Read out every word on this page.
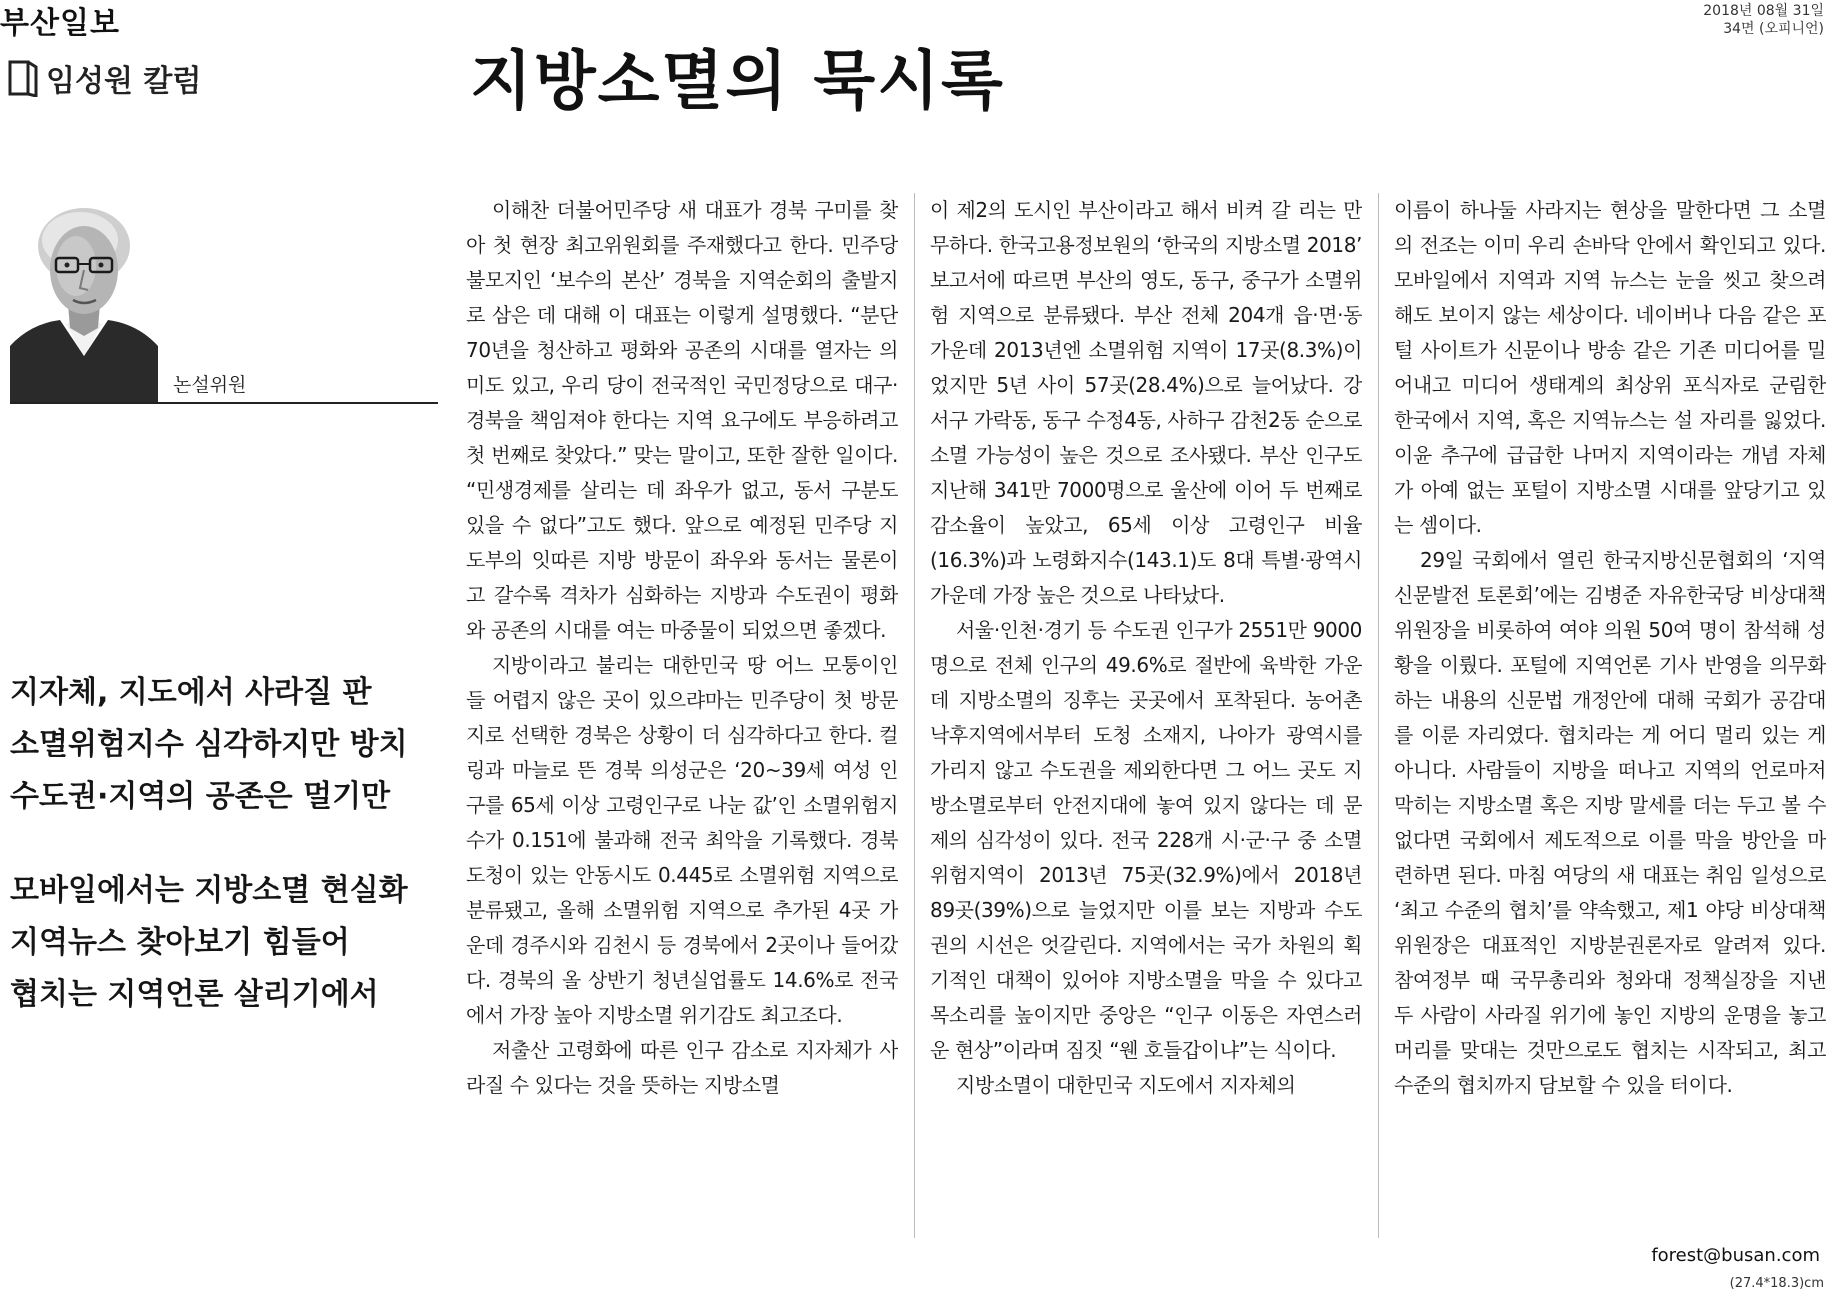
부산일보	2018년 08월 31일
34면 (오피니언)
임성원 칼럼	지방소멸의 묵시록
논설위원
지자체, 지도에서 사라질 판
소멸위험지수 심각하지만 방치
수도권·지역의 공존은 멀기만
모바일에서는 지방소멸 현실화
지역뉴스 찾아보기 힘들어
협치는 지역언론 살리기에서

이해찬 더불어민주당 새 대표가 경북 구미를 찾아 첫 현장 최고위원회를 주재했다고 한다. 민주당 불모지인 ‘보수의 본산’ 경북을 지역순회의 출발지로 삼은 데 대해 이 대표는 이렇게 설명했다. “분단 70년을 청산하고 평화와 공존의 시대를 열자는 의미도 있고, 우리 당이 전국적인 국민정당으로 대구·경북을 책임져야 한다는 지역 요구에도 부응하려고 첫 번째로 찾았다.” 맞는 말이고, 또한 잘한 일이다. “민생경제를 살리는 데 좌우가 없고, 동서 구분도 있을 수 없다”고도 했다. 앞으로 예정된 민주당 지도부의 잇따른 지방 방문이 좌우와 동서는 물론이고 갈수록 격차가 심화하는 지방과 수도권이 평화와 공존의 시대를 여는 마중물이 되었으면 좋겠다.

지방이라고 불리는 대한민국 땅 어느 모퉁이인들 어렵지 않은 곳이 있으랴마는 민주당이 첫 방문지로 선택한 경북은 상황이 더 심각하다고 한다. 컬링과 마늘로 뜬 경북 의성군은 ‘20~39세 여성 인구를 65세 이상 고령인구로 나눈 값’인 소멸위험지수가 0.151에 불과해 전국 최악을 기록했다. 경북 도청이 있는 안동시도 0.445로 소멸위험 지역으로 분류됐고, 올해 소멸위험 지역으로 추가된 4곳 가운데 경주시와 김천시 등 경북에서 2곳이나 들어갔다. 경북의 올 상반기 청년실업률도 14.6%로 전국에서 가장 높아 지방소멸 위기감도 최고조다.

저출산 고령화에 따른 인구 감소로 지자체가 사라질 수 있다는 것을 뜻하는 지방소멸

이 제2의 도시인 부산이라고 해서 비켜 갈 리는 만무하다. 한국고용정보원의 ‘한국의 지방소멸 2018’ 보고서에 따르면 부산의 영도, 동구, 중구가 소멸위험 지역으로 분류됐다. 부산 전체 204개 읍·면·동 가운데 2013년엔 소멸위험 지역이 17곳(8.3%)이었지만 5년 사이 57곳(28.4%)으로 늘어났다. 강서구 가락동, 동구 수정4동, 사하구 감천2동 순으로 소멸 가능성이 높은 것으로 조사됐다. 부산 인구도 지난해 341만 7000명으로 울산에 이어 두 번째로 감소율이 높았고, 65세 이상 고령인구 비율(16.3%)과 노령화지수(143.1)도 8대 특별·광역시 가운데 가장 높은 것으로 나타났다.

서울·인천·경기 등 수도권 인구가 2551만 9000명으로 전체 인구의 49.6%로 절반에 육박한 가운데 지방소멸의 징후는 곳곳에서 포착된다. 농어촌 낙후지역에서부터 도청 소재지, 나아가 광역시를 가리지 않고 수도권을 제외한다면 그 어느 곳도 지방소멸로부터 안전지대에 놓여 있지 않다는 데 문제의 심각성이 있다. 전국 228개 시·군·구 중 소멸위험지역이 2013년 75곳(32.9%)에서 2018년 89곳(39%)으로 늘었지만 이를 보는 지방과 수도권의 시선은 엇갈린다. 지역에서는 국가 차원의 획기적인 대책이 있어야 지방소멸을 막을 수 있다고 목소리를 높이지만 중앙은 “인구 이동은 자연스러운 현상”이라며 짐짓 “웬 호들갑이냐”는 식이다.

지방소멸이 대한민국 지도에서 지자체의

이름이 하나둘 사라지는 현상을 말한다면 그 소멸의 전조는 이미 우리 손바닥 안에서 확인되고 있다. 모바일에서 지역과 지역 뉴스는 눈을 씻고 찾으려 해도 보이지 않는 세상이다. 네이버나 다음 같은 포털 사이트가 신문이나 방송 같은 기존 미디어를 밀어내고 미디어 생태계의 최상위 포식자로 군림한 한국에서 지역, 혹은 지역뉴스는 설 자리를 잃었다. 이윤 추구에 급급한 나머지 지역이라는 개념 자체가 아예 없는 포털이 지방소멸 시대를 앞당기고 있는 셈이다.

29일 국회에서 열린 한국지방신문협회의 ‘지역신문발전 토론회’에는 김병준 자유한국당 비상대책위원장을 비롯하여 여야 의원 50여 명이 참석해 성황을 이뤘다. 포털에 지역언론 기사 반영을 의무화하는 내용의 신문법 개정안에 대해 국회가 공감대를 이룬 자리였다. 협치라는 게 어디 멀리 있는 게 아니다. 사람들이 지방을 떠나고 지역의 언로마저 막히는 지방소멸 혹은 지방 말세를 더는 두고 볼 수 없다면 국회에서 제도적으로 이를 막을 방안을 마련하면 된다. 마침 여당의 새 대표는 취임 일성으로 ‘최고 수준의 협치’를 약속했고, 제1 야당 비상대책위원장은 대표적인 지방분권론자로 알려져 있다. 참여정부 때 국무총리와 청와대 정책실장을 지낸 두 사람이 사라질 위기에 놓인 지방의 운명을 놓고 머리를 맞대는 것만으로도 협치는 시작되고, 최고 수준의 협치까지 담보할 수 있을 터이다.

forest@busan.com
(27.4*18.3)cm
